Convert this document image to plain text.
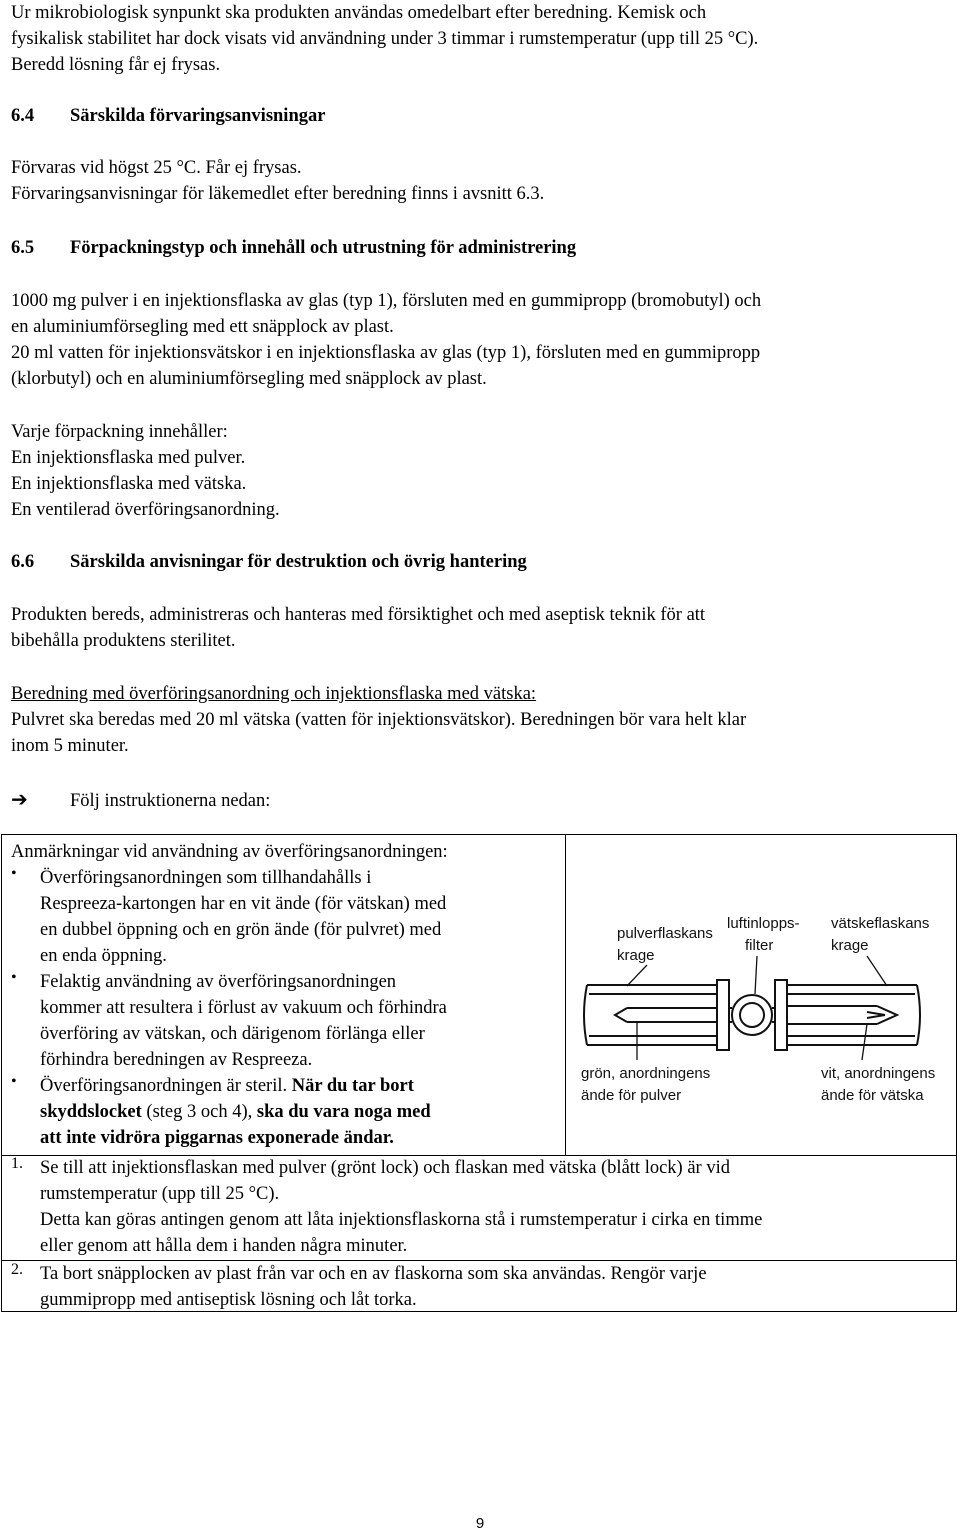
Ur mikrobiologisk synpunkt ska produkten användas omedelbart efter beredning. Kemisk och

fysikalisk stabilitet har dock visats vid användning under 3 timmar i rumstemperatur (upp till 25 °C).

Beredd lösning får ej frysas.

6.4 Särskilda förvaringsanvisningar

Förvaras vid högst 25 °C. Får ej frysas.

Förvaringsanvisningar för läkemedlet efter beredning finns i avsnitt 6.3.

6.5 Förpackningstyp och innehåll och utrustning för administrering

1000 mg pulver i en injektionsflaska av glas (typ 1), försluten med en gummipropp (bromobutyl) och

en aluminiumförsegling med ett snäpplock av plast.

20 ml vatten för injektionsvätskor i en injektionsflaska av glas (typ 1), försluten med en gummipropp

(klorbutyl) och en aluminiumförsegling med snäpplock av plast.

Varje förpackning innehåller:

En injektionsflaska med pulver.

En injektionsflaska med vätska.

En ventilerad överföringsanordning.

6.6 Särskilda anvisningar för destruktion och övrig hantering

Produkten bereds, administreras och hanteras med försiktighet och med aseptisk teknik för att

bibehålla produktens sterilitet.

Beredning med överföringsanordning och injektionsflaska med vätska:

Pulvret ska beredas med 20 ml vätska (vatten för injektionsvätskor). Beredningen bör vara helt klar

inom 5 minuter.

➔ Följ instruktionerna nedan:

Anmärkningar vid användning av överföringsanordningen:

•	Överföringsanordningen som tillhandahålls i

Respreeza-kartongen har en vit ände (för vätskan) med

en dubbel öppning och en grön ände (för pulvret) med

en enda öppning.

•	Felaktig användning av överföringsanordningen

kommer att resultera i förlust av vakuum och förhindra

överföring av vätskan, och därigenom förlänga eller

förhindra beredningen av Respreeza.

•	Överföringsanordningen är steril. När du tar bort

skyddslocket (steg 3 och 4), ska du vara noga med

att inte vidröra piggarnas exponerade ändar.

pulverflaskans
krage
luftinlopps-
filter
vätskeflaskans
krage
grön, anordningens
ände för pulver
vit, anordningens
ände för vätska
1. Se till att injektionsflaskan med pulver (grönt lock) och flaskan med vätska (blått lock) är vid

rumstemperatur (upp till 25 °C).

Detta kan göras antingen genom att låta injektionsflaskorna stå i rumstemperatur i cirka en timme

eller genom att hålla dem i handen några minuter.

2. Ta bort snäpplocken av plast från var och en av flaskorna som ska användas. Rengör varje

gummipropp med antiseptisk lösning och låt torka.

9
